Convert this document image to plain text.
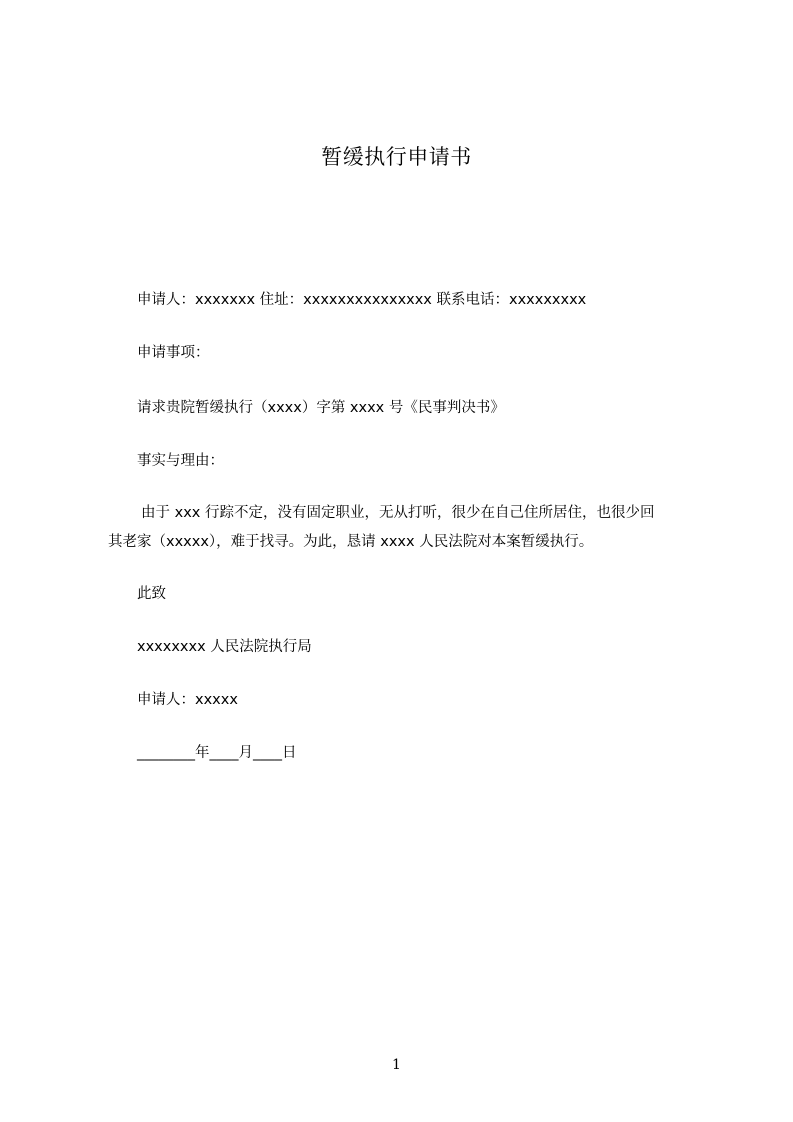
暂缓执行申请书
申请人：xxxxxxx 住址：xxxxxxxxxxxxxxx 联系电话：xxxxxxxxx
申请事项：
请求贵院暂缓执行（xxxx）字第 xxxx 号《民事判决书》
事实与理由：
由于 xxx 行踪不定，没有固定职业，无从打听，很少在自己住所居住，也很少回
其老家（xxxxx），难于找寻。为此，恳请 xxxx 人民法院对本案暂缓执行。
此致
xxxxxxxx 人民法院执行局
申请人：xxxxx
________年____月____日
1
